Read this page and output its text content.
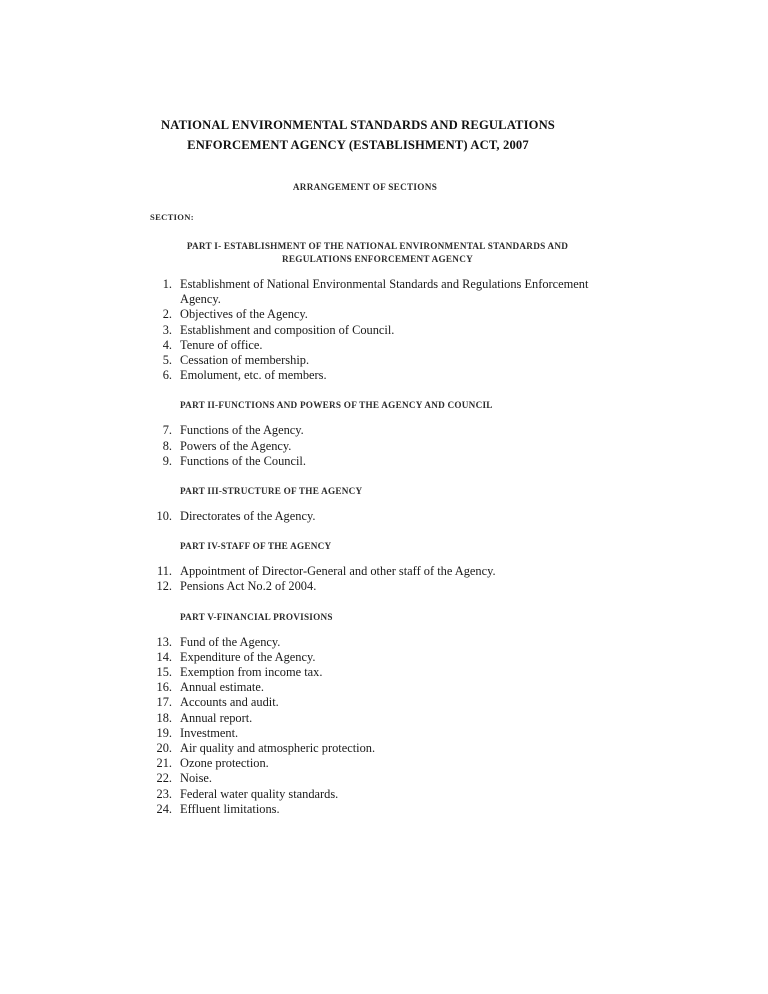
NATIONAL ENVIRONMENTAL STANDARDS AND REGULATIONS
ENFORCEMENT AGENCY (ESTABLISHMENT) ACT, 2007
ARRANGEMENT OF SECTIONS
SECTION:
PART I- ESTABLISHMENT OF THE NATIONAL ENVIRONMENTAL STANDARDS AND
REGULATIONS ENFORCEMENT AGENCY
1. Establishment of National Environmental Standards and Regulations Enforcement Agency.
2. Objectives of the Agency.
3. Establishment and composition of Council.
4. Tenure of office.
5. Cessation of membership.
6. Emolument, etc. of members.
PART II-FUNCTIONS AND POWERS OF THE AGENCY AND COUNCIL
7. Functions of the Agency.
8. Powers of the Agency.
9. Functions of the Council.
PART III-STRUCTURE OF THE AGENCY
10. Directorates of the Agency.
PART IV-STAFF OF THE AGENCY
11. Appointment of Director-General and other staff of the Agency.
12. Pensions Act No.2 of 2004.
PART V-FINANCIAL PROVISIONS
13. Fund of the Agency.
14. Expenditure of the Agency.
15. Exemption from income tax.
16. Annual estimate.
17. Accounts and audit.
18. Annual report.
19. Investment.
20. Air quality and atmospheric protection.
21. Ozone protection.
22. Noise.
23. Federal water quality standards.
24. Effluent limitations.
